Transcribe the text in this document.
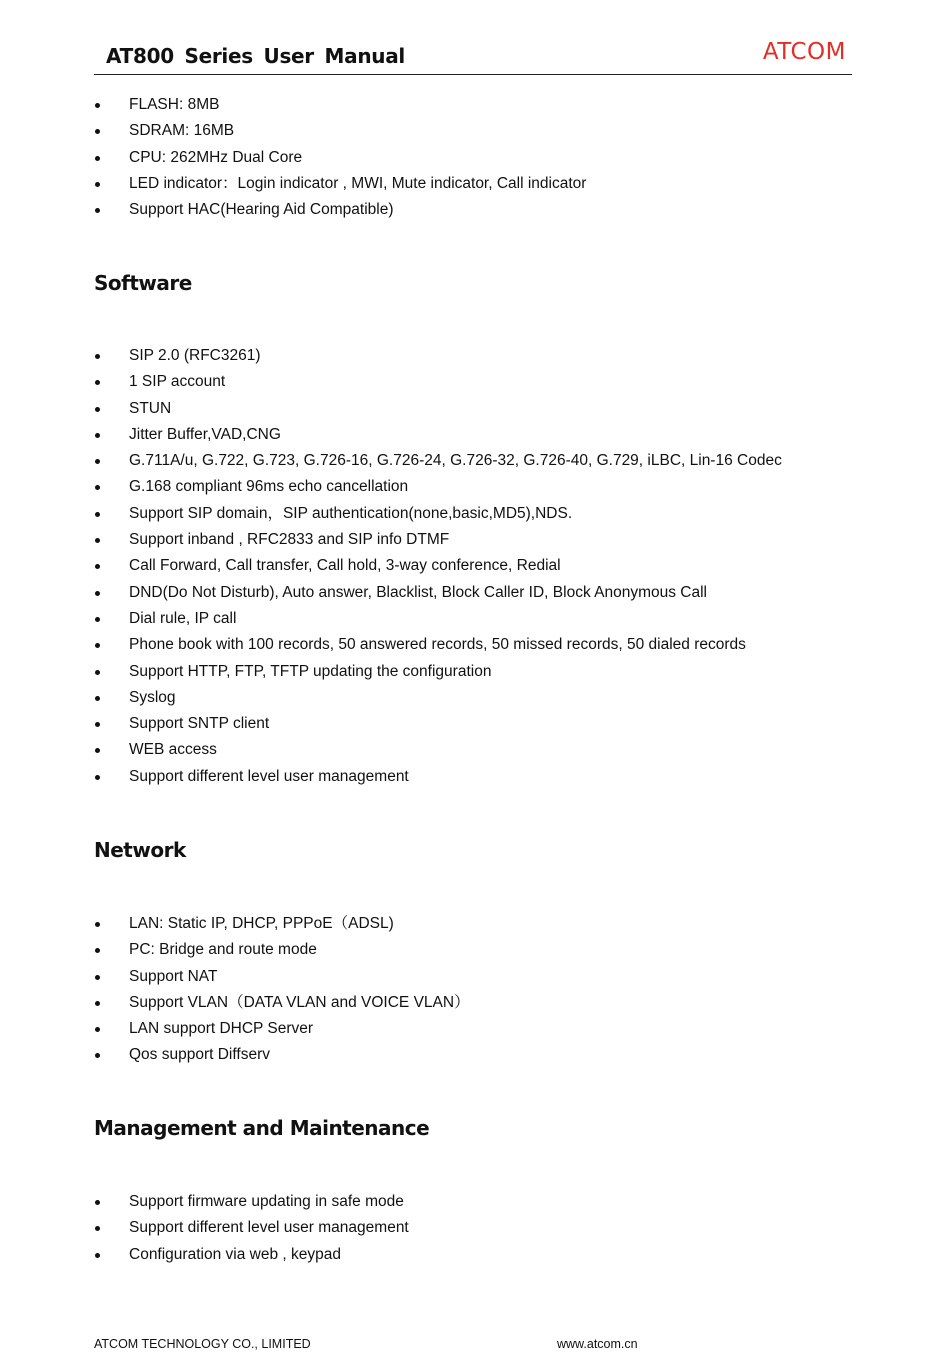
AT800 Series User Manual	ATCOM
FLASH: 8MB
SDRAM: 16MB
CPU: 262MHz Dual Core
LED indicator：Login indicator , MWI, Mute indicator, Call indicator
Support HAC(Hearing Aid Compatible)
Software
SIP 2.0 (RFC3261)
1 SIP account
STUN
Jitter Buffer,VAD,CNG
G.711A/u, G.722, G.723, G.726-16, G.726-24, G.726-32, G.726-40, G.729, iLBC, Lin-16 Codec
G.168 compliant 96ms echo cancellation
Support SIP domain，SIP authentication(none,basic,MD5),NDS.
Support inband , RFC2833 and SIP info DTMF
Call Forward, Call transfer, Call hold, 3-way conference, Redial
DND(Do Not Disturb), Auto answer, Blacklist, Block Caller ID, Block Anonymous Call
Dial rule, IP call
Phone book with 100 records, 50 answered records, 50 missed records, 50 dialed records
Support HTTP, FTP, TFTP updating the configuration
Syslog
Support SNTP client
WEB access
Support different level user management
Network
LAN: Static IP, DHCP, PPPoE（ADSL)
PC: Bridge and route mode
Support NAT
Support VLAN（DATA VLAN and VOICE VLAN）
LAN support DHCP Server
Qos support Diffserv
Management and Maintenance
Support firmware updating in safe mode
Support different level user management
Configuration via web , keypad
ATCOM TECHNOLOGY CO., LIMITED	www.atcom.cn
